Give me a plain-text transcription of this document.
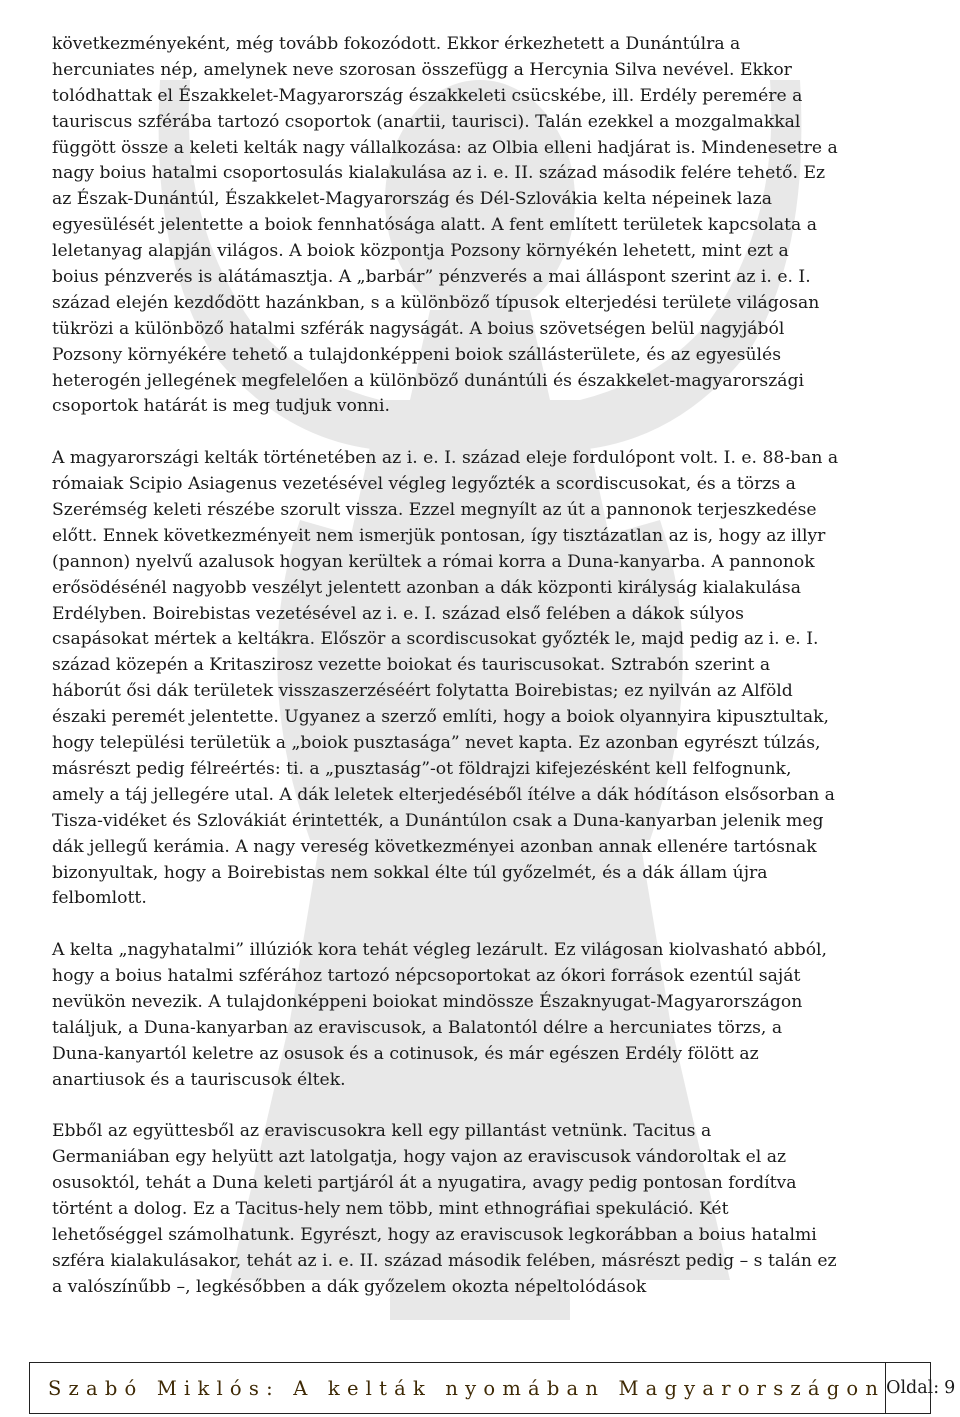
következményeként, még tovább fokozódott. Ekkor érkezhetett a Dunántúlra a
hercuniates nép, amelynek neve szorosan összefügg a Hercynia Silva nevével. Ekkor
tolódhattak el Északkelet-Magyarország északkeleti csücskébe, ill. Erdély peremére a
tauriscus szférába tartozó csoportok (anartii, taurisci). Talán ezekkel a mozgalmakkal
függött össze a keleti kelták nagy vállalkozása: az Olbia elleni hadjárat is. Mindenesetre a
nagy boius hatalmi csoportosulás kialakulása az i. e. II. század második felére tehető. Ez
az Észak-Dunántúl, Északkelet-Magyarország és Dél-Szlovákia kelta népeinek laza
egyesülését jelentette a boiok fennhatósága alatt. A fent említett területek kapcsolata a
leletanyag alapján világos. A boiok központja Pozsony környékén lehetett, mint ezt a
boius pénzverés is alátámasztja. A „barbár” pénzverés a mai álláspont szerint az i. e. I.
század elején kezdődött hazánkban, s a különböző típusok elterjedési területe világosan
tükrözi a különböző hatalmi szférák nagyságát. A boius szövetségen belül nagyjából
Pozsony környékére tehető a tulajdonképpeni boiok szállásterülete, és az egyesülés
heterogén jellegének megfelelően a különböző dunántúli és északkelet-magyarországi
csoportok határát is meg tudjuk vonni.

A magyarországi kelták történetében az i. e. I. század eleje fordulópont volt. I. e. 88-ban a
rómaiak Scipio Asiagenus vezetésével végleg legyőzték a scordiscusokat, és a törzs a
Szerémség keleti részébe szorult vissza. Ezzel megnyílt az út a pannonok terjeszkedése
előtt. Ennek következményeit nem ismerjük pontosan, így tisztázatlan az is, hogy az illyr
(pannon) nyelvű azalusok hogyan kerültek a római korra a Duna-kanyarba. A pannonok
erősödésénél nagyobb veszélyt jelentett azonban a dák központi királyság kialakulása
Erdélyben. Boirebistas vezetésével az i. e. I. század első felében a dákok súlyos
csapásokat mértek a keltákra. Először a scordiscusokat győzték le, majd pedig az i. e. I.
század közepén a Kritaszirosz vezette boiokat és tauriscusokat. Sztrabón szerint a
háborút ősi dák területek visszaszerzéséért folytatta Boirebistas; ez nyilván az Alföld
északi peremét jelentette. Ugyanez a szerző említi, hogy a boiok olyannyira kipusztultak,
hogy települési területük a „boiok pusztasága” nevet kapta. Ez azonban egyrészt túlzás,
másrészt pedig félreértés: ti. a „pusztaság”-ot földrajzi kifejezésként kell felfognunk,
amely a táj jellegére utal. A dák leletek elterjedéséből ítélve a dák hódításon elsősorban a
Tisza-vidéket és Szlovákiát érintették, a Dunántúlon csak a Duna-kanyarban jelenik meg
dák jellegű kerámia. A nagy vereség következményei azonban annak ellenére tartósnak
bizonyultak, hogy a Boirebistas nem sokkal élte túl győzelmét, és a dák állam újra
felbomlott.

A kelta „nagyhatalmi” illúziók kora tehát végleg lezárult. Ez világosan kiolvasható abból,
hogy a boius hatalmi szférához tartozó népcsoportokat az ókori források ezentúl saját
nevükön nevezik. A tulajdonképpeni boiokat mindössze Északnyugat-Magyarországon
találjuk, a Duna-kanyarban az eraviscusok, a Balatontól délre a hercuniates törzs, a
Duna-kanyartól keletre az osusok és a cotinusok, és már egészen Erdély fölött az
anartiusok és a tauriscusok éltek.

Ebből az együttesből az eraviscusokra kell egy pillantást vetnünk. Tacitus a
Germaniában egy helyütt azt latolgatja, hogy vajon az eraviscusok vándoroltak el az
osusoktól, tehát a Duna keleti partjáról át a nyugatira, avagy pedig pontosan fordítva
történt a dolog. Ez a Tacitus-hely nem több, mint ethnográfiai spekuláció. Két
lehetőséggel számolhatunk. Egyrészt, hogy az eraviscusok legkorábban a boius hatalmi
szféra kialakulásakor, tehát az i. e. II. század második felében, másrészt pedig – s talán ez
a valószínűbb –, legkésőbben a dák győzelem okozta népeltolódások

Szabó Miklós: A kelták nyomában Magyarországon Oldal: 9
